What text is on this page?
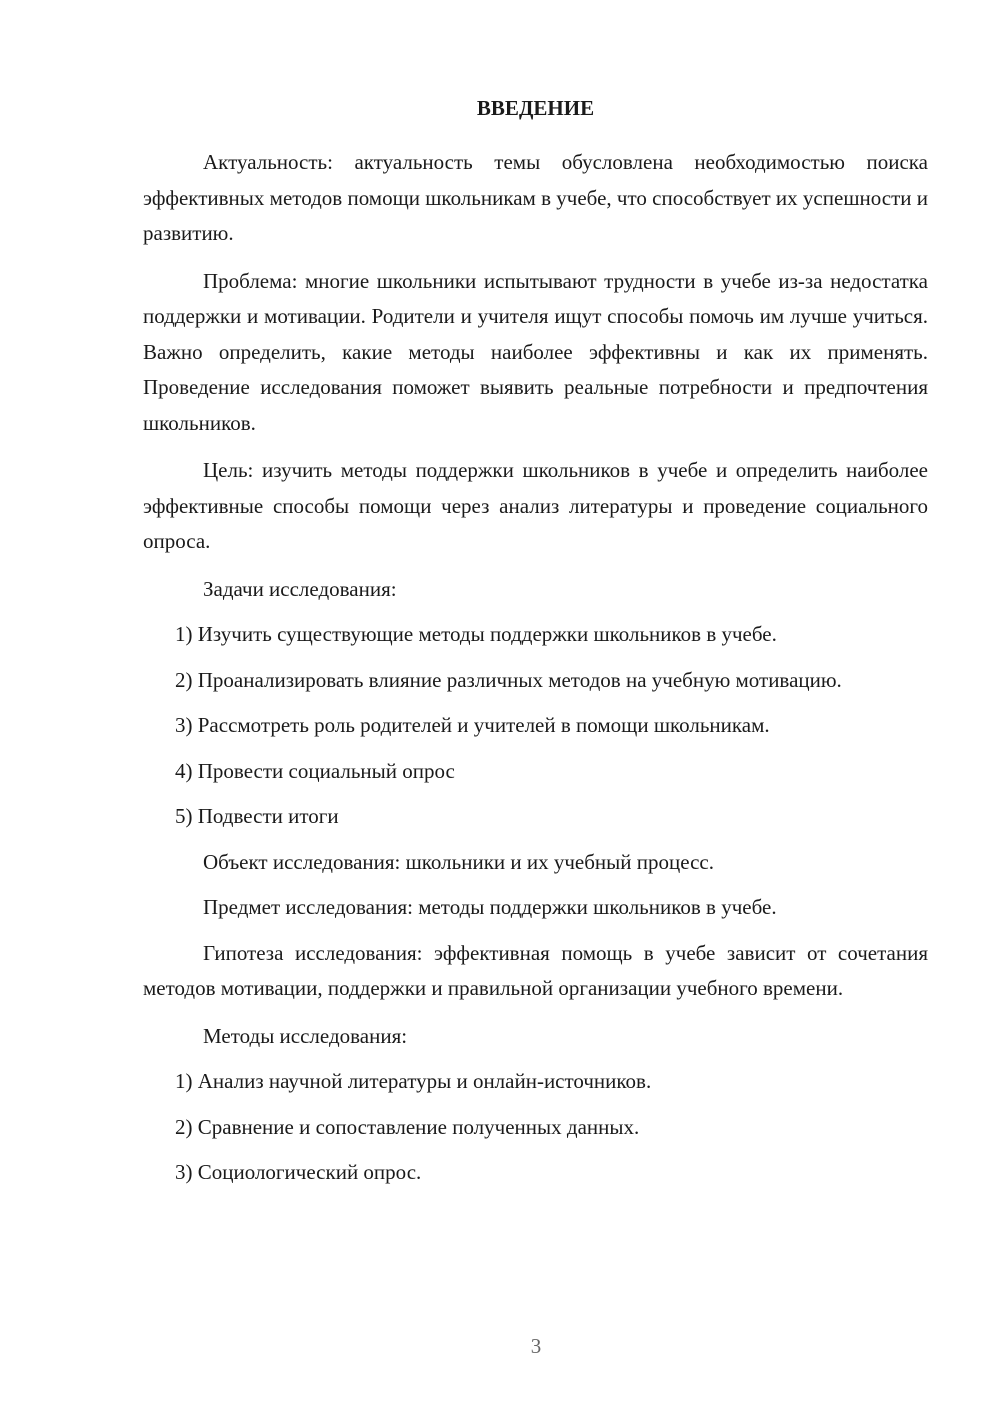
ВВЕДЕНИЕ
Актуальность: актуальность темы обусловлена необходимостью поиска эффективных методов помощи школьникам в учебе, что способствует их успешности и развитию.
Проблема: многие школьники испытывают трудности в учебе из-за недостатка поддержки и мотивации. Родители и учителя ищут способы помочь им лучше учиться. Важно определить, какие методы наиболее эффективны и как их применять. Проведение исследования поможет выявить реальные потребности и предпочтения школьников.
Цель: изучить методы поддержки школьников в учебе и определить наиболее эффективные способы помощи через анализ литературы и проведение социального опроса.
Задачи исследования:
1) Изучить существующие методы поддержки школьников в учебе.
2) Проанализировать влияние различных методов на учебную мотивацию.
3) Рассмотреть роль родителей и учителей в помощи школьникам.
4) Провести социальный опрос
5) Подвести итоги
Объект исследования: школьники и их учебный процесс.
Предмет исследования: методы поддержки школьников в учебе.
Гипотеза исследования: эффективная помощь в учебе зависит от сочетания методов мотивации, поддержки и правильной организации учебного времени.
Методы исследования:
1) Анализ научной литературы и онлайн-источников.
2) Сравнение и сопоставление полученных данных.
3) Социологический опрос.
3
